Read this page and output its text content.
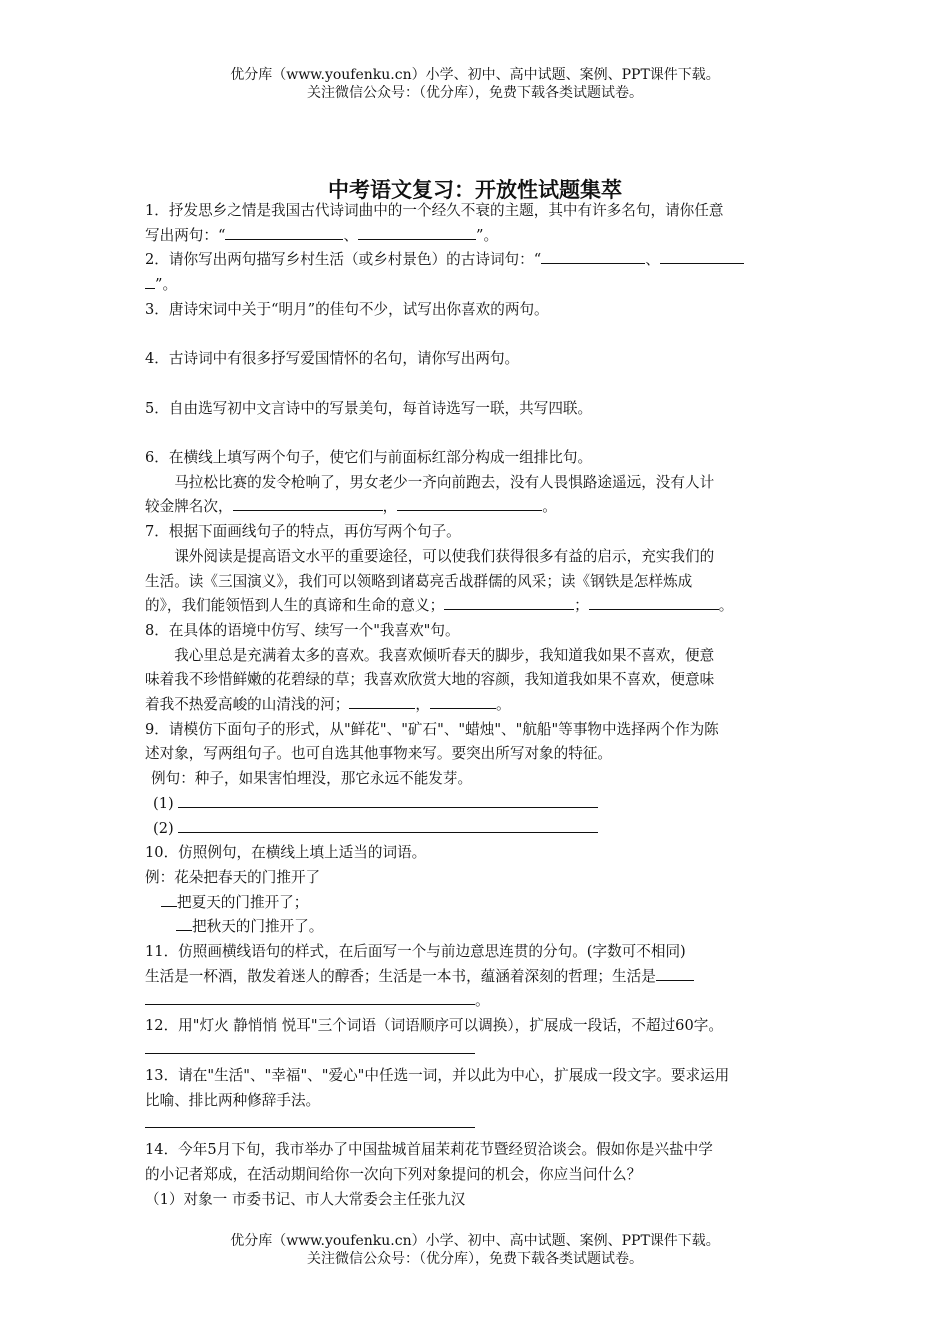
优分库（www.youfenku.cn）小学、初中、高中试题、案例、PPT课件下载。
关注微信公众号：（优分库），免费下载各类试题试卷。
中考语文复习：开放性试题集萃

1．抒发思乡之情是我国古代诗词曲中的一个经久不衰的主题，其中有许多名句，请你任意

写出两句：“	、	”。

2．请你写出两句描写乡村生活（或乡村景色）的古诗词句：“	、

”。

3．唐诗宋词中关于“明月”的佳句不少，试写出你喜欢的两句。

4．古诗词中有很多抒写爱国情怀的名句，请你写出两句。

5．自由选写初中文言诗中的写景美句，每首诗选写一联，共写四联。

6．在横线上填写两个句子，使它们与前面标红部分构成一组排比句。

马拉松比赛的发令枪响了，男女老少一齐向前跑去，没有人畏惧路途遥远，没有人计

较金牌名次，	，	。

7．根据下面画线句子的特点，再仿写两个句子。

课外阅读是提高语文水平的重要途径，可以使我们获得很多有益的启示，充实我们的

生活。读《三国演义》，我们可以领略到诸葛亮舌战群儒的风采；读《钢铁是怎样炼成

的》，我们能领悟到人生的真谛和生命的意义；	；	。

8．在具体的语境中仿写、续写一个"我喜欢"句。

我心里总是充满着太多的喜欢。我喜欢倾听春天的脚步，我知道我如果不喜欢，便意

味着我不珍惜鲜嫩的花碧绿的草；我喜欢欣赏大地的容颜，我知道我如果不喜欢，便意味

着我不热爱高峻的山清浅的河；	，	。

9．请模仿下面句子的形式，从"鲜花"、"矿石"、"蜡烛"、"航船"等事物中选择两个作为陈

述对象，写两组句子。也可自选其他事物来写。要突出所写对象的特征。

例句：种子，如果害怕埋没，那它永远不能发芽。

(1)

(2)

10．仿照例句，在横线上填上适当的词语。

例：花朵把春天的门推开了

把夏天的门推开了；

把秋天的门推开了。

11．仿照画横线语句的样式，在后面写一个与前边意思连贯的分句。(字数可不相同)

生活是一杯酒，散发着迷人的醇香；生活是一本书，蕴涵着深刻的哲理；生活是

。

12．用"灯火 静悄悄 悦耳"三个词语（词语顺序可以调换），扩展成一段话，不超过60字。

13．请在"生活"、"幸福"、"爱心"中任选一词，并以此为中心，扩展成一段文字。要求运用

比喻、排比两种修辞手法。

14．今年5月下旬，我市举办了中国盐城首届茉莉花节暨经贸洽谈会。假如你是兴盐中学

的小记者郑成，在活动期间给你一次向下列对象提问的机会，你应当问什么？

（1）对象一 市委书记、市人大常委会主任张九汉

优分库（www.youfenku.cn）小学、初中、高中试题、案例、PPT课件下载。
关注微信公众号：（优分库），免费下载各类试题试卷。
